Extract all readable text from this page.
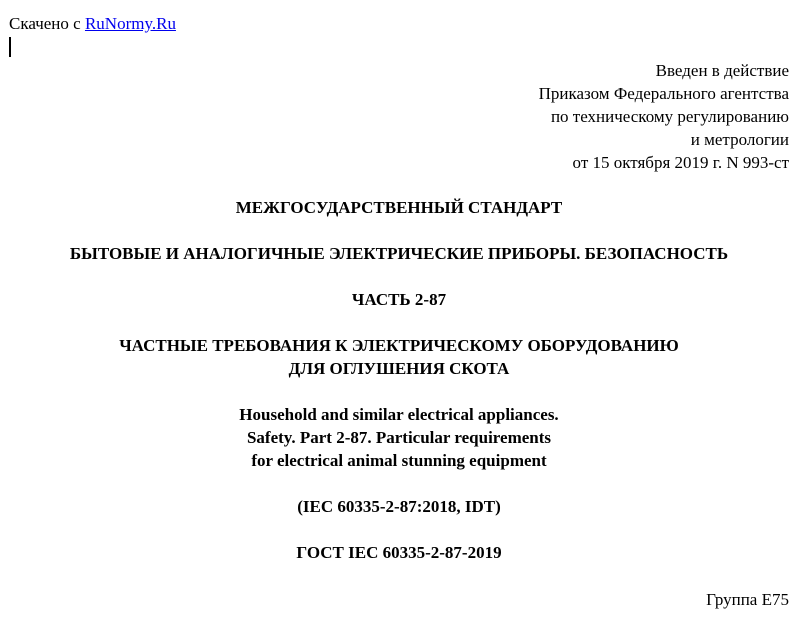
Скачено с RuNormy.Ru
Введен в действие
Приказом Федерального агентства
по техническому регулированию
и метрологии
от 15 октября 2019 г. N 993-ст
МЕЖГОСУДАРСТВЕННЫЙ СТАНДАРТ
БЫТОВЫЕ И АНАЛОГИЧНЫЕ ЭЛЕКТРИЧЕСКИЕ ПРИБОРЫ. БЕЗОПАСНОСТЬ
ЧАСТЬ 2-87
ЧАСТНЫЕ ТРЕБОВАНИЯ К ЭЛЕКТРИЧЕСКОМУ ОБОРУДОВАНИЮ
ДЛЯ ОГЛУШЕНИЯ СКОТА
Household and similar electrical appliances.
Safety. Part 2-87. Particular requirements
for electrical animal stunning equipment
(IEC 60335-2-87:2018, IDT)
ГОСТ IEC 60335-2-87-2019
Группа Е75
